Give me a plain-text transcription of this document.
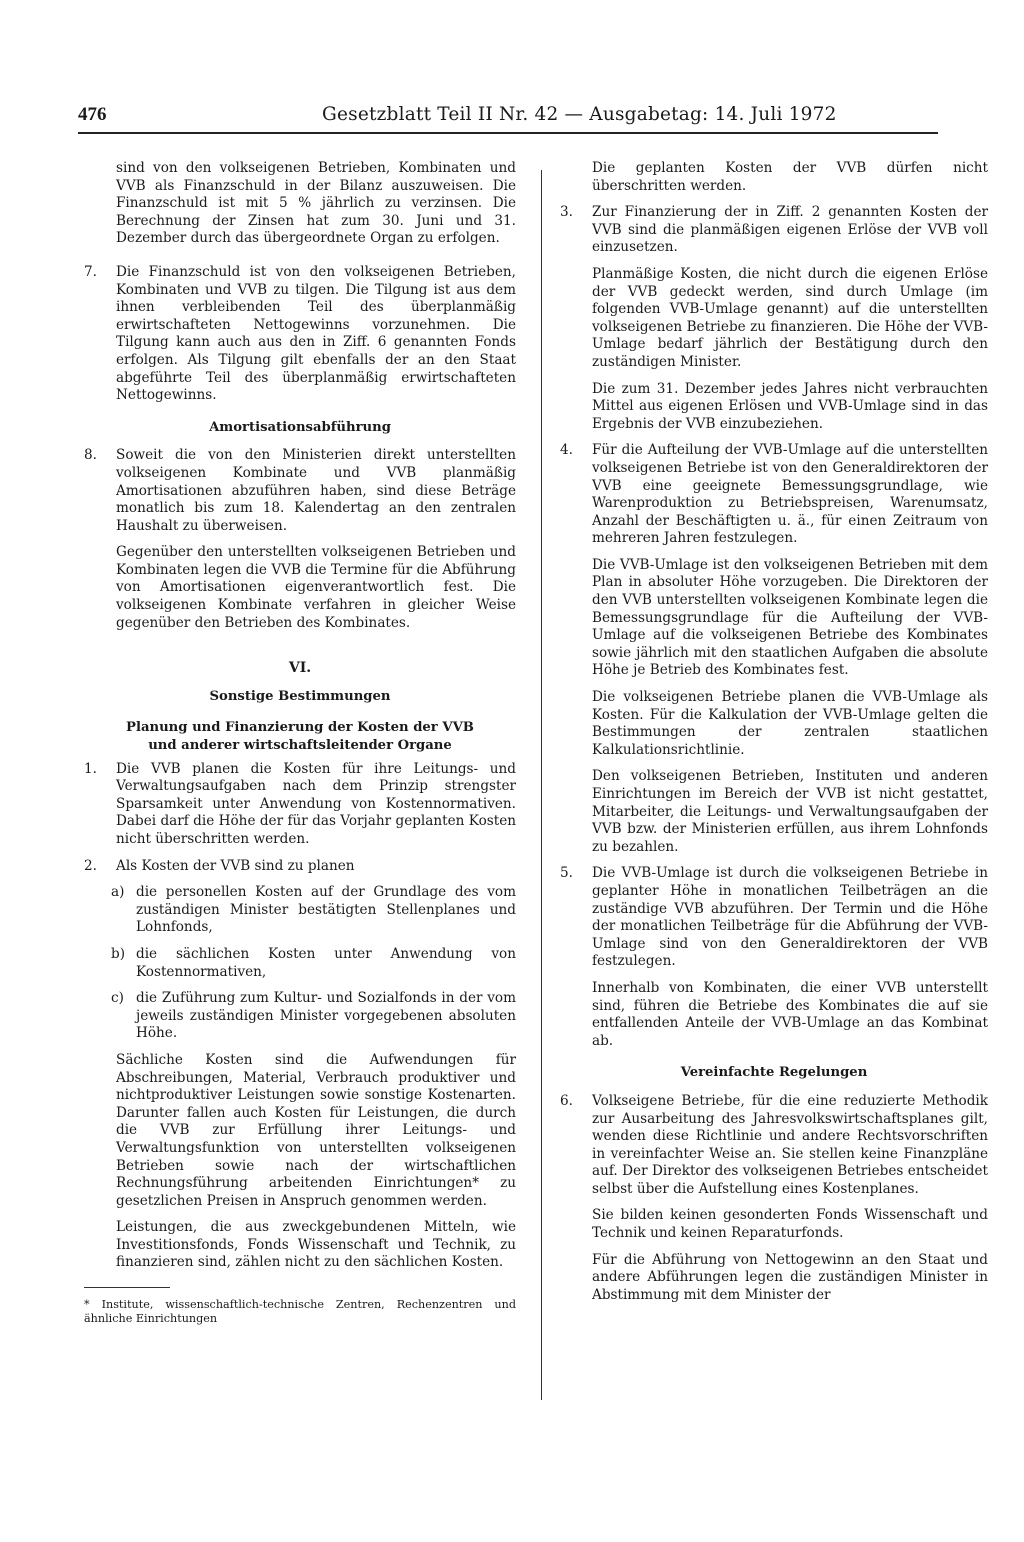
476	Gesetzblatt Teil II Nr. 42 — Ausgabetag: 14. Juli 1972

sind von den volkseigenen Betrieben, Kombinaten und VVB als Finanzschuld in der Bilanz auszuweisen. Die Finanzschuld ist mit 5 % jährlich zu verzinsen. Die Berechnung der Zinsen hat zum 30. Juni und 31. Dezember durch das übergeordnete Organ zu erfolgen.

7. Die Finanzschuld ist von den volkseigenen Betrieben, Kombinaten und VVB zu tilgen. Die Tilgung ist aus dem ihnen verbleibenden Teil des überplanmäßig erwirtschafteten Nettogewinns vorzunehmen. Die Tilgung kann auch aus den in Ziff. 6 genannten Fonds erfolgen. Als Tilgung gilt ebenfalls der an den Staat abgeführte Teil des überplanmäßig erwirtschafteten Nettogewinns.

Amortisationsabführung
8. Soweit die von den Ministerien direkt unterstellten volkseigenen Kombinate und VVB planmäßig Amortisationen abzuführen haben, sind diese Beträge monatlich bis zum 18. Kalendertag an den zentralen Haushalt zu überweisen.

Gegenüber den unterstellten volkseigenen Betrieben und Kombinaten legen die VVB die Termine für die Abführung von Amortisationen eigenverantwortlich fest. Die volkseigenen Kombinate verfahren in gleicher Weise gegenüber den Betrieben des Kombinates.

VI.
Sonstige Bestimmungen
Planung und Finanzierung der Kosten der VVB
und anderer wirtschaftsleitender Organe
1. Die VVB planen die Kosten für ihre Leitungs- und Verwaltungsaufgaben nach dem Prinzip strengster Sparsamkeit unter Anwendung von Kostennormativen. Dabei darf die Höhe der für das Vorjahr geplanten Kosten nicht überschritten werden.

2. Als Kosten der VVB sind zu planen

a) die personellen Kosten auf der Grundlage des vom zuständigen Minister bestätigten Stellenplanes und Lohnfonds,

b) die sächlichen Kosten unter Anwendung von Kostennormativen,

c) die Zuführung zum Kultur- und Sozialfonds in der vom jeweils zuständigen Minister vorgegebenen absoluten Höhe.

Sächliche Kosten sind die Aufwendungen für Abschreibungen, Material, Verbrauch produktiver und nichtproduktiver Leistungen sowie sonstige Kostenarten. Darunter fallen auch Kosten für Leistungen, die durch die VVB zur Erfüllung ihrer Leitungs- und Verwaltungsfunktion von unterstellten volkseigenen Betrieben sowie nach der wirtschaftlichen Rechnungsführung arbeitenden Einrichtungen* zu gesetzlichen Preisen in Anspruch genommen werden.

Leistungen, die aus zweckgebundenen Mitteln, wie Investitionsfonds, Fonds Wissenschaft und Technik, zu finanzieren sind, zählen nicht zu den sächlichen Kosten.

* Institute, wissenschaftlich-technische Zentren, Rechenzentren und ähnliche Einrichtungen

Die geplanten Kosten der VVB dürfen nicht überschritten werden.

3. Zur Finanzierung der in Ziff. 2 genannten Kosten der VVB sind die planmäßigen eigenen Erlöse der VVB voll einzusetzen.

Planmäßige Kosten, die nicht durch die eigenen Erlöse der VVB gedeckt werden, sind durch Umlage (im folgenden VVB-Umlage genannt) auf die unterstellten volkseigenen Betriebe zu finanzieren. Die Höhe der VVB-Umlage bedarf jährlich der Bestätigung durch den zuständigen Minister.

Die zum 31. Dezember jedes Jahres nicht verbrauchten Mittel aus eigenen Erlösen und VVB-Umlage sind in das Ergebnis der VVB einzubeziehen.

4. Für die Aufteilung der VVB-Umlage auf die unterstellten volkseigenen Betriebe ist von den Generaldirektoren der VVB eine geeignete Bemessungsgrundlage, wie Warenproduktion zu Betriebspreisen, Warenumsatz, Anzahl der Beschäftigten u. ä., für einen Zeitraum von mehreren Jahren festzulegen.

Die VVB-Umlage ist den volkseigenen Betrieben mit dem Plan in absoluter Höhe vorzugeben. Die Direktoren der den VVB unterstellten volkseigenen Kombinate legen die Bemessungsgrundlage für die Aufteilung der VVB-Umlage auf die volkseigenen Betriebe des Kombinates sowie jährlich mit den staatlichen Aufgaben die absolute Höhe je Betrieb des Kombinates fest.

Die volkseigenen Betriebe planen die VVB-Umlage als Kosten. Für die Kalkulation der VVB-Umlage gelten die Bestimmungen der zentralen staatlichen Kalkulationsrichtlinie.

Den volkseigenen Betrieben, Instituten und anderen Einrichtungen im Bereich der VVB ist nicht gestattet, Mitarbeiter, die Leitungs- und Verwaltungsaufgaben der VVB bzw. der Ministerien erfüllen, aus ihrem Lohnfonds zu bezahlen.

5. Die VVB-Umlage ist durch die volkseigenen Betriebe in geplanter Höhe in monatlichen Teilbeträgen an die zuständige VVB abzuführen. Der Termin und die Höhe der monatlichen Teilbeträge für die Abführung der VVB-Umlage sind von den Generaldirektoren der VVB festzulegen.

Innerhalb von Kombinaten, die einer VVB unterstellt sind, führen die Betriebe des Kombinates die auf sie entfallenden Anteile der VVB-Umlage an das Kombinat ab.

Vereinfachte Regelungen
6. Volkseigene Betriebe, für die eine reduzierte Methodik zur Ausarbeitung des Jahresvolkswirtschaftsplanes gilt, wenden diese Richtlinie und andere Rechtsvorschriften in vereinfachter Weise an. Sie stellen keine Finanzpläne auf. Der Direktor des volkseigenen Betriebes entscheidet selbst über die Aufstellung eines Kostenplanes.

Sie bilden keinen gesonderten Fonds Wissenschaft und Technik und keinen Reparaturfonds.

Für die Abführung von Nettogewinn an den Staat und andere Abführungen legen die zuständigen Minister in Abstimmung mit dem Minister der
